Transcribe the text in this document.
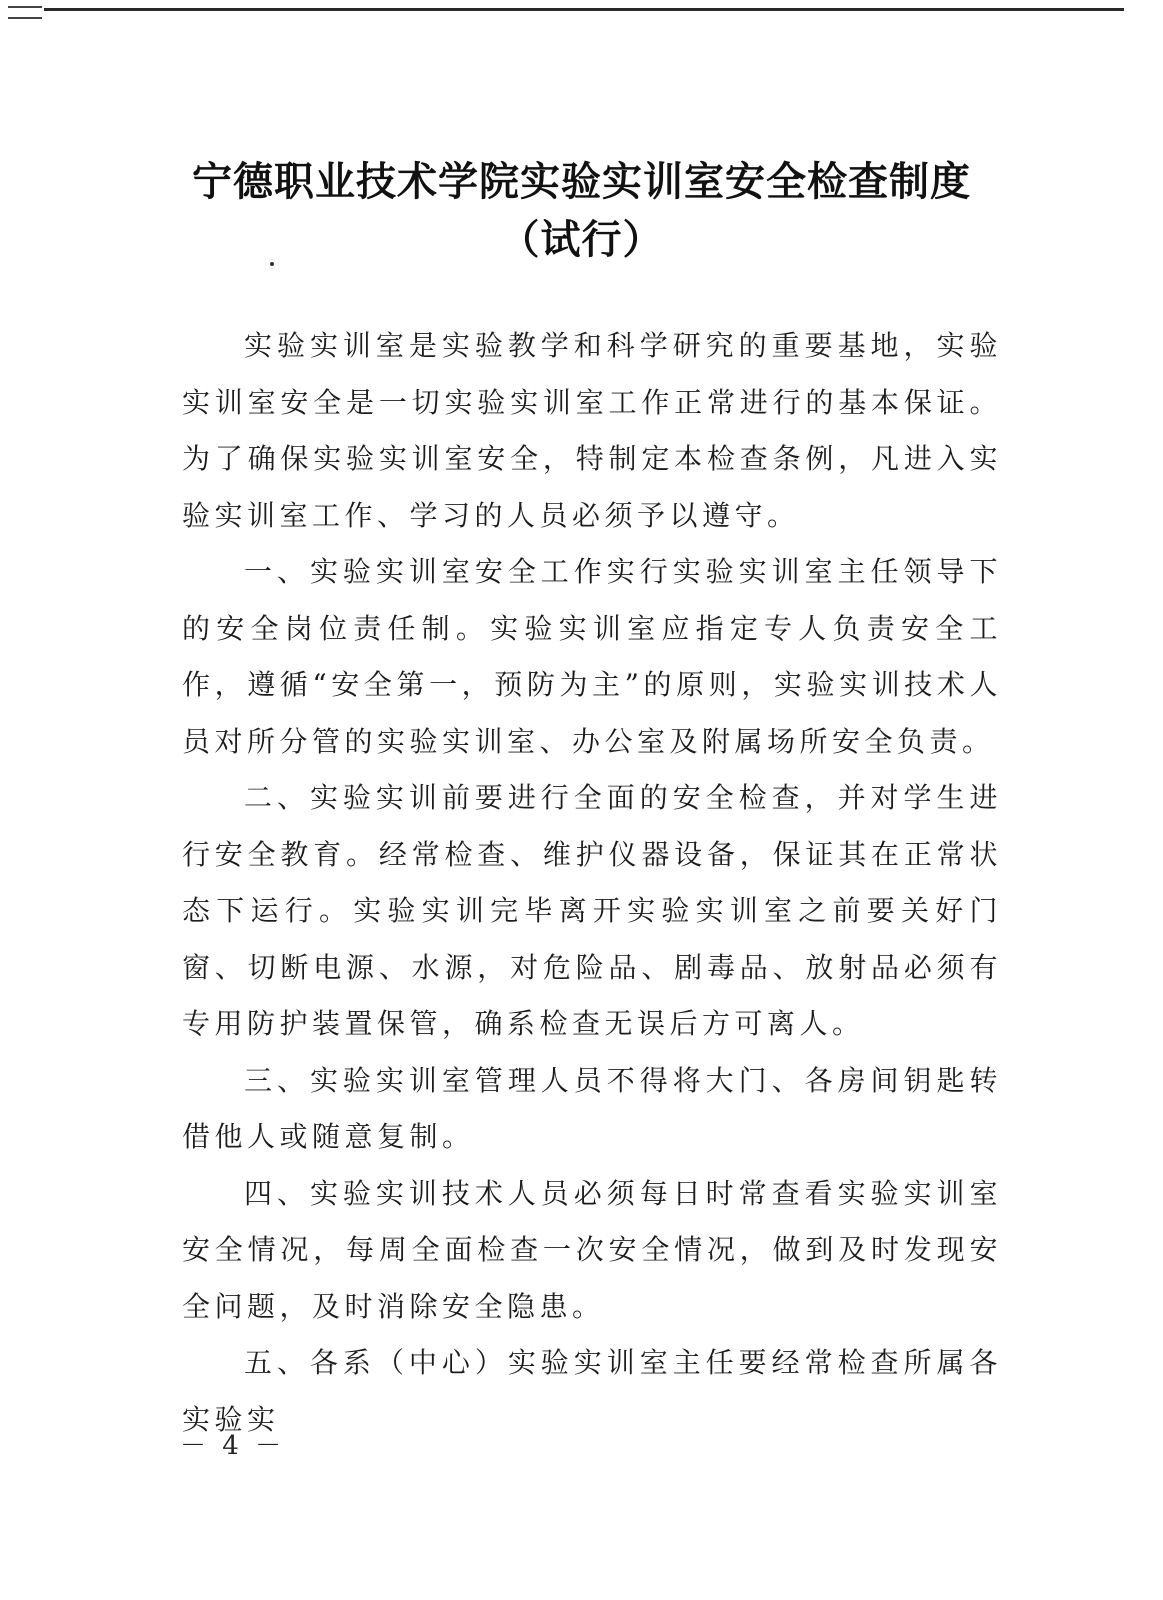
宁德职业技术学院实验实训室安全检查制度
（试行）

实验实训室是实验教学和科学研究的重要基地，实验实训室安全是一切实验实训室工作正常进行的基本保证。为了确保实验实训室安全，特制定本检查条例，凡进入实验实训室工作、学习的人员必须予以遵守。

一、实验实训室安全工作实行实验实训室主任领导下的安全岗位责任制。实验实训室应指定专人负责安全工作，遵循“安全第一，预防为主”的原则，实验实训技术人员对所分管的实验实训室、办公室及附属场所安全负责。

二、实验实训前要进行全面的安全检查，并对学生进行安全教育。经常检查、维护仪器设备，保证其在正常状态下运行。实验实训完毕离开实验实训室之前要关好门窗、切断电源、水源，对危险品、剧毒品、放射品必须有专用防护装置保管，确系检查无误后方可离人。

三、实验实训室管理人员不得将大门、各房间钥匙转借他人或随意复制。

四、实验实训技术人员必须每日时常查看实验实训室安全情况，每周全面检查一次安全情况，做到及时发现安全问题，及时消除安全隐患。

五、各系（中心）实验实训室主任要经常检查所属各实验实

－ 4 －
